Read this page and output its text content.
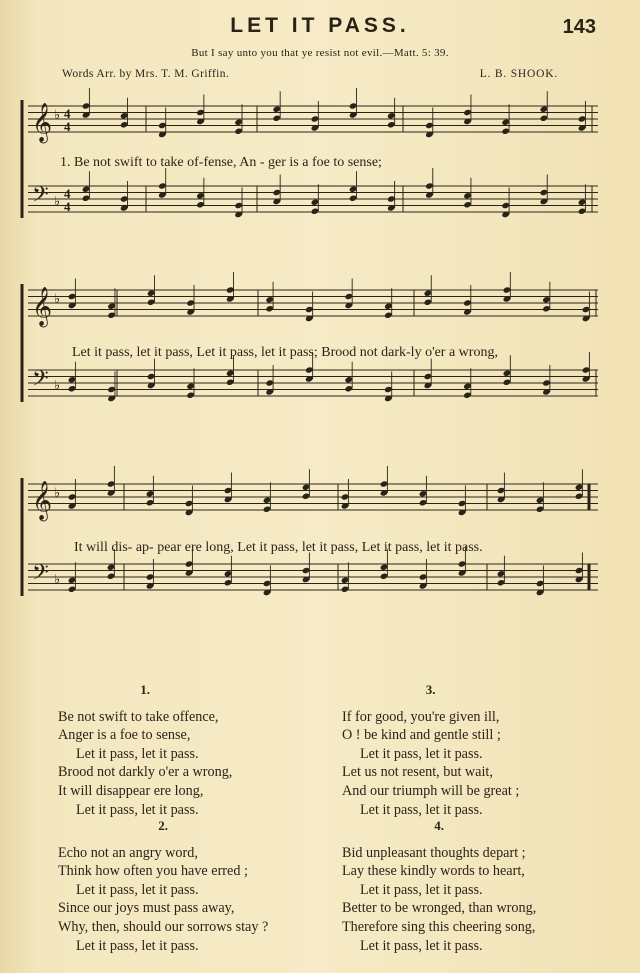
LET IT PASS.	143
But I say unto you that ye resist not evil.—Matt. 5: 39.
Words Arr. by Mrs. T. M. Griffin.	L. B. SHOOK.
𝄞 ♭ 4
4
𝄢 ♭ 4
4
𝄞 ♭
𝄢 ♭
𝄞 ♭
𝄢 ♭
1. Be not swift to take of-fense, An - ger is a foe to sense;
Let it pass, let it pass, Let it pass, let it pass; Brood not dark-ly o'er a wrong,
It will dis- ap- pear ere long, Let it pass, let it pass, Let it pass, let it pass.
1.
Be not swift to take offence,
Anger is a foe to sense,
Let it pass, let it pass.
Brood not darkly o'er a wrong,
It will disappear ere long,
Let it pass, let it pass.
2.
Echo not an angry word,
Think how often you have erred ;
Let it pass, let it pass.
Since our joys must pass away,
Why, then, should our sorrows stay ?
Let it pass, let it pass.
3.
If for good, you're given ill,
O ! be kind and gentle still ;
Let it pass, let it pass.
Let us not resent, but wait,
And our triumph will be great ;
Let it pass, let it pass.
4.
Bid unpleasant thoughts depart ;
Lay these kindly words to heart,
Let it pass, let it pass.
Better to be wronged, than wrong,
Therefore sing this cheering song,
Let it pass, let it pass.
